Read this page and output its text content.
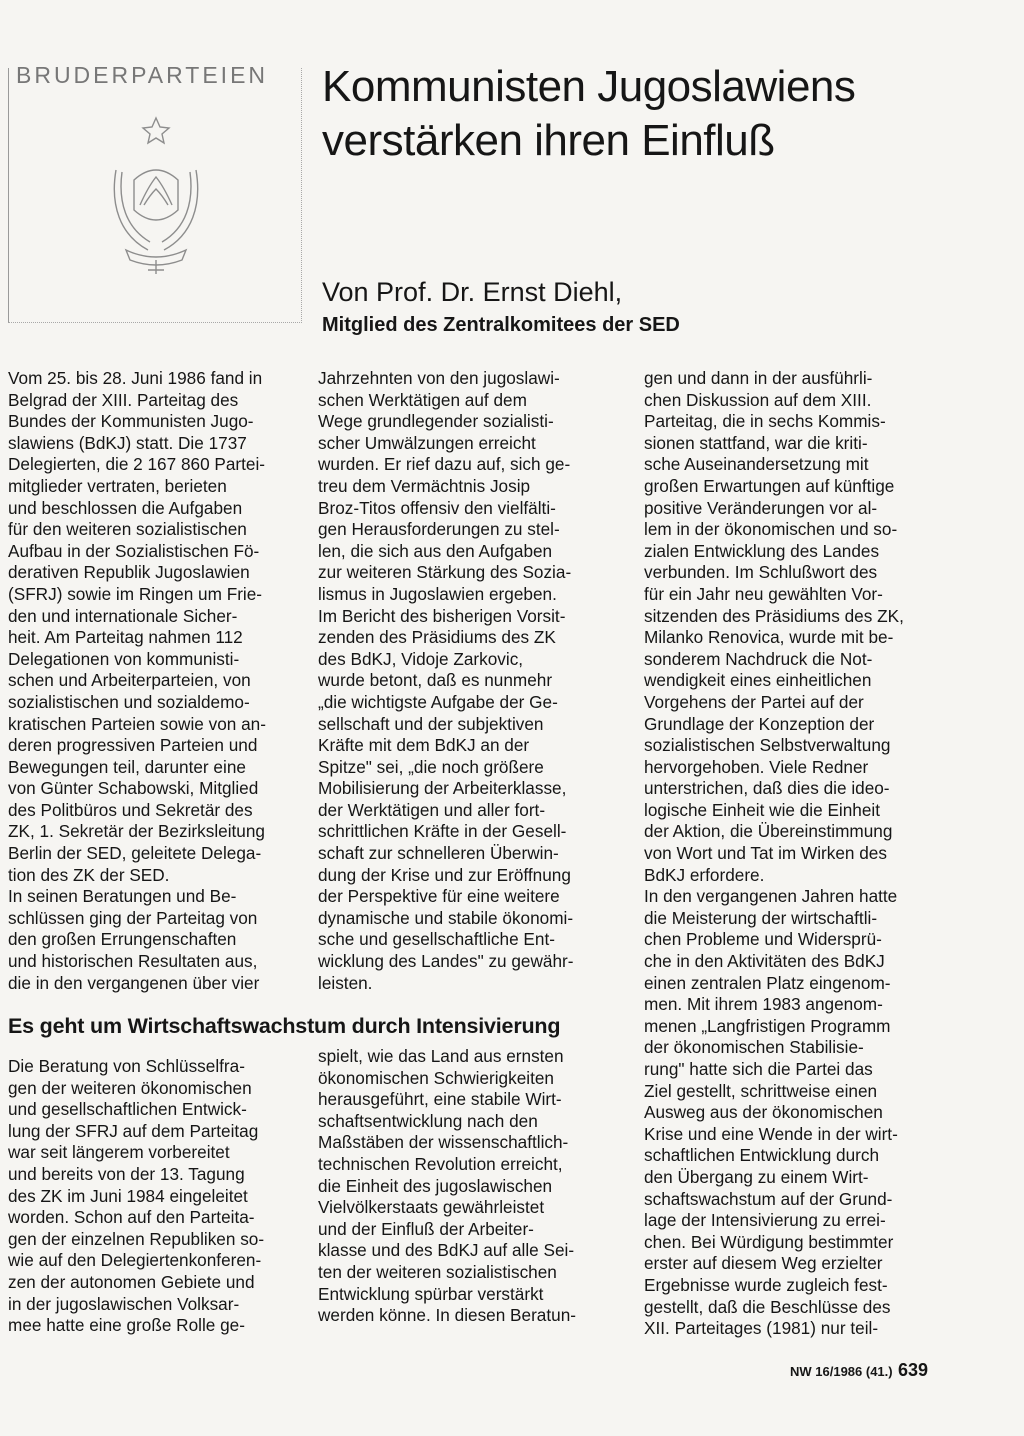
BRUDERPARTEIEN Kommunisten Jugoslawiens
verstärken ihren Einfluß

Von Prof. Dr. Ernst Diehl,
Mitglied des Zentralkomitees der SED

Vom 25. bis 28. Juni 1986 fand in

Belgrad der XIII. Parteitag des

Bundes der Kommunisten Jugo-

slawiens (BdKJ) statt. Die 1737

Delegierten, die 2 167 860 Partei-

mitglieder vertraten, berieten

und beschlossen die Aufgaben

für den weiteren sozialistischen

Aufbau in der Sozialistischen Fö-

derativen Republik Jugoslawien

(SFRJ) sowie im Ringen um Frie-

den und internationale Sicher-

heit. Am Parteitag nahmen 112

Delegationen von kommunisti-

schen und Arbeiterparteien, von

sozialistischen und sozialdemo-

kratischen Parteien sowie von an-

deren progressiven Parteien und

Bewegungen teil, darunter eine

von Günter Schabowski, Mitglied

des Politbüros und Sekretär des

ZK, 1. Sekretär der Bezirksleitung

Berlin der SED, geleitete Delega-

tion des ZK der SED.

In seinen Beratungen und Be-

schlüssen ging der Parteitag von

den großen Errungenschaften

und historischen Resultaten aus,

die in den vergangenen über vier

Jahrzehnten von den jugoslawi-

schen Werktätigen auf dem

Wege grundlegender sozialisti-

scher Umwälzungen erreicht

wurden. Er rief dazu auf, sich ge-

treu dem Vermächtnis Josip

Broz-Titos offensiv den vielfälti-

gen Herausforderungen zu stel-

len, die sich aus den Aufgaben

zur weiteren Stärkung des Sozia-

lismus in Jugoslawien ergeben.

Im Bericht des bisherigen Vorsit-

zenden des Präsidiums des ZK

des BdKJ, Vidoje Zarkovic,

wurde betont, daß es nunmehr

„die wichtigste Aufgabe der Ge-

sellschaft und der subjektiven

Kräfte mit dem BdKJ an der

Spitze" sei, „die noch größere

Mobilisierung der Arbeiterklasse,

der Werktätigen und aller fort-

schrittlichen Kräfte in der Gesell-

schaft zur schnelleren Überwin-

dung der Krise und zur Eröffnung

der Perspektive für eine weitere

dynamische und stabile ökonomi-

sche und gesellschaftliche Ent-

wicklung des Landes" zu gewähr-

leisten.

gen und dann in der ausführli-

chen Diskussion auf dem XIII.

Parteitag, die in sechs Kommis-

sionen stattfand, war die kriti-

sche Auseinandersetzung mit

großen Erwartungen auf künftige

positive Veränderungen vor al-

lem in der ökonomischen und so-

zialen Entwicklung des Landes

verbunden. Im Schlußwort des

für ein Jahr neu gewählten Vor-

sitzenden des Präsidiums des ZK,

Milanko Renovica, wurde mit be-

sonderem Nachdruck die Not-

wendigkeit eines einheitlichen

Vorgehens der Partei auf der

Grundlage der Konzeption der

sozialistischen Selbstverwaltung

hervorgehoben. Viele Redner

unterstrichen, daß dies die ideo-

logische Einheit wie die Einheit

der Aktion, die Übereinstimmung

von Wort und Tat im Wirken des

BdKJ erfordere.

In den vergangenen Jahren hatte

die Meisterung der wirtschaftli-

chen Probleme und Widersprü-

che in den Aktivitäten des BdKJ

einen zentralen Platz eingenom-

men. Mit ihrem 1983 angenom-

menen „Langfristigen Programm

der ökonomischen Stabilisie-

rung" hatte sich die Partei das

Ziel gestellt, schrittweise einen

Ausweg aus der ökonomischen

Krise und eine Wende in der wirt-

schaftlichen Entwicklung durch

den Übergang zu einem Wirt-

schaftswachstum auf der Grund-

lage der Intensivierung zu errei-

chen. Bei Würdigung bestimmter

erster auf diesem Weg erzielter

Ergebnisse wurde zugleich fest-

gestellt, daß die Beschlüsse des

XII. Parteitages (1981) nur teil-

Es geht um Wirtschaftswachstum durch Intensivierung

Die Beratung von Schlüsselfra-

gen der weiteren ökonomischen

und gesellschaftlichen Entwick-

lung der SFRJ auf dem Parteitag

war seit längerem vorbereitet

und bereits von der 13. Tagung

des ZK im Juni 1984 eingeleitet

worden. Schon auf den Parteita-

gen der einzelnen Republiken so-

wie auf den Delegiertenkonferen-

zen der autonomen Gebiete und

in der jugoslawischen Volksar-

mee hatte eine große Rolle ge-

spielt, wie das Land aus ernsten

ökonomischen Schwierigkeiten

herausgeführt, eine stabile Wirt-

schaftsentwicklung nach den

Maßstäben der wissenschaftlich-

technischen Revolution erreicht,

die Einheit des jugoslawischen

Vielvölkerstaats gewährleistet

und der Einfluß der Arbeiter-

klasse und des BdKJ auf alle Sei-

ten der weiteren sozialistischen

Entwicklung spürbar verstärkt

werden könne. In diesen Beratun-

NW 16/1986 (41.) 639
